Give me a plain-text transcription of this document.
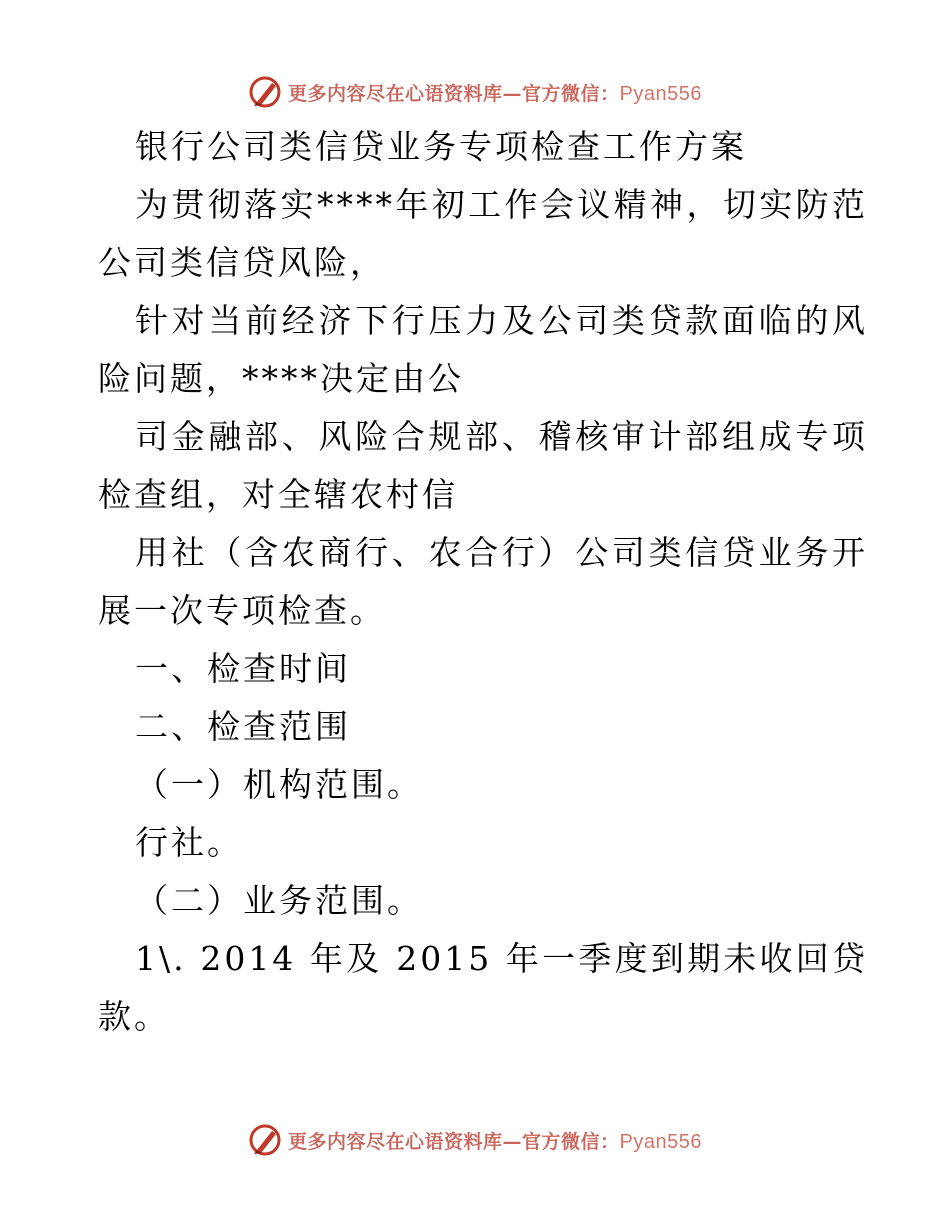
更多内容尽在心语资料库—官方微信：Pyan556

银行公司类信贷业务专项检查工作方案

为贯彻落实****年初工作会议精神，切实防范公司类信贷风险，

针对当前经济下行压力及公司类贷款面临的风险问题，****决定由公

司金融部、风险合规部、稽核审计部组成专项检查组，对全辖农村信

用社（含农商行、农合行）公司类信贷业务开展一次专项检查。

一、检查时间

二、检查范围

（一）机构范围。

行社。

（二）业务范围。

1\. 2014 年及 2015 年一季度到期未收回贷款。

更多内容尽在心语资料库—官方微信：Pyan556
